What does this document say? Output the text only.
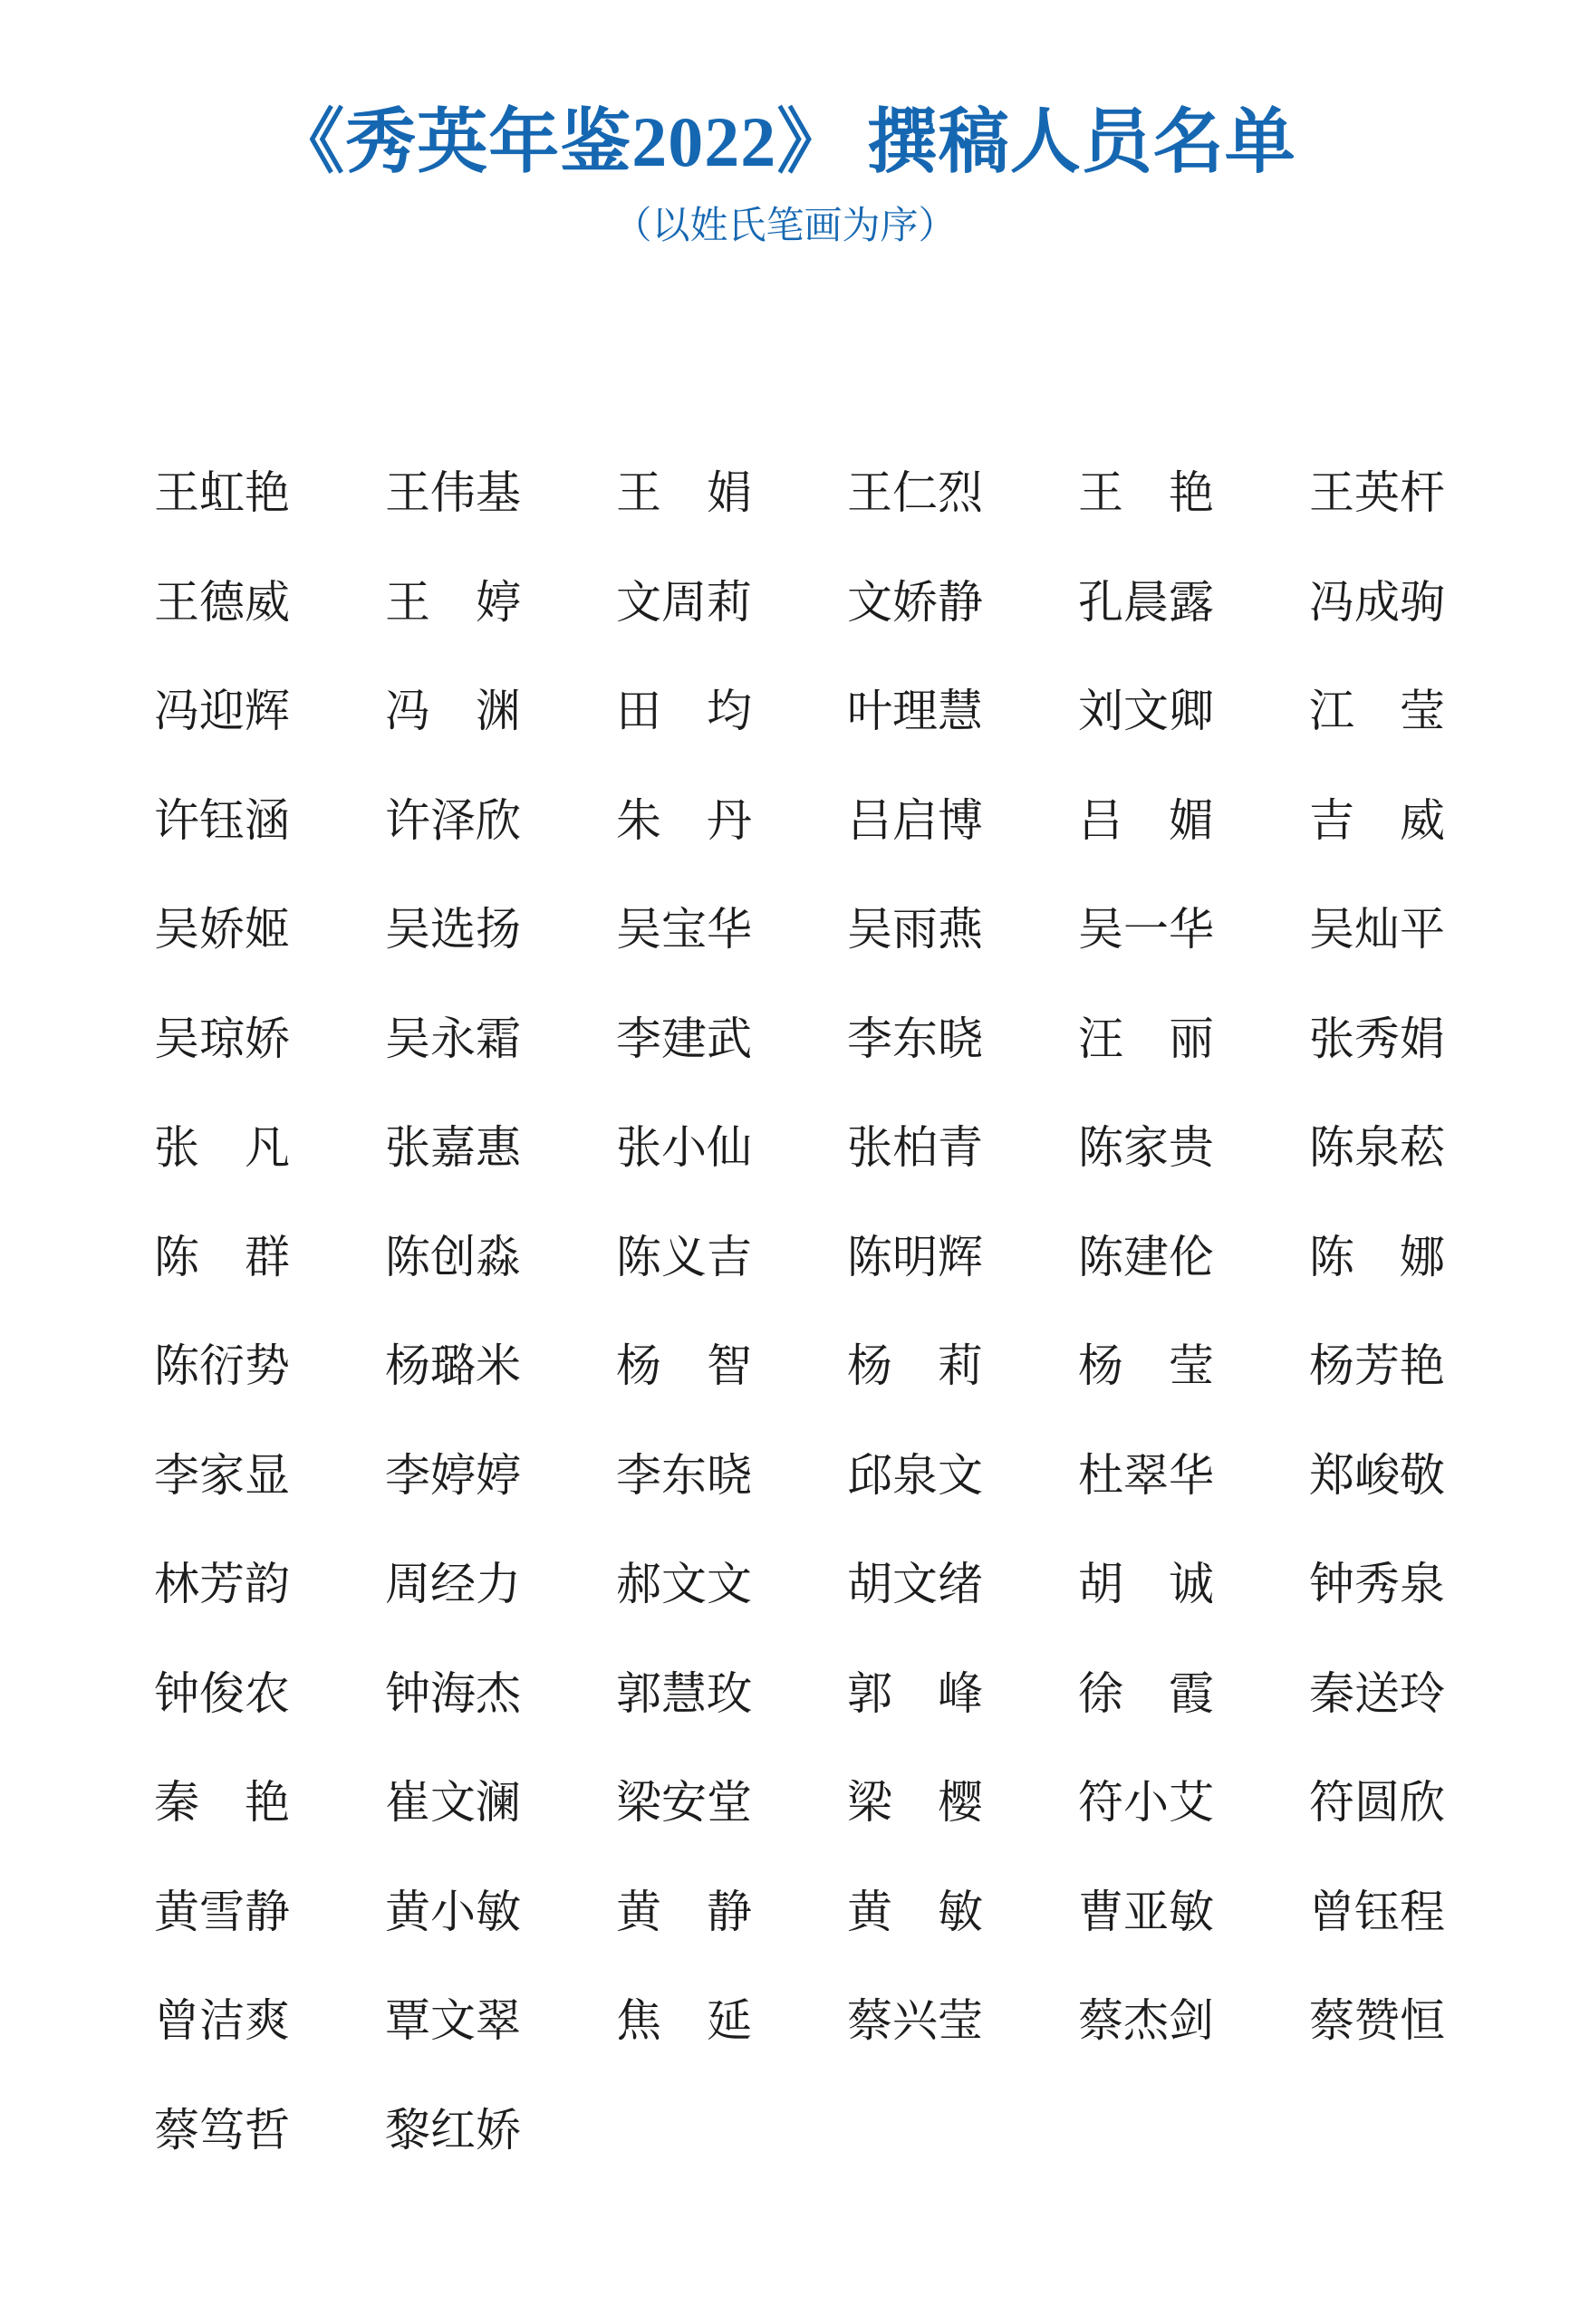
《秀英年鉴2022》 撰稿人员名单
（以姓氏笔画为序）
王虹艳 王伟基 王 娟 王仁烈 王 艳 王英杆
王德威 王 婷 文周莉 文娇静 孔晨露 冯成驹
冯迎辉 冯 渊 田 均 叶理慧 刘文卿 江 莹
许钰涵 许泽欣 朱 丹 吕启博 吕 媚 吉 威
吴娇姬 吴选扬 吴宝华 吴雨燕 吴一华 吴灿平
吴琼娇 吴永霜 李建武 李东晓 汪 丽 张秀娟
张 凡 张嘉惠 张小仙 张柏青 陈家贵 陈泉菘
陈 群 陈创淼 陈义吉 陈明辉 陈建伦 陈 娜
陈衍势 杨璐米 杨 智 杨 莉 杨 莹 杨芳艳
李家显 李婷婷 李东晓 邱泉文 杜翠华 郑峻敬
林芳韵 周经力 郝文文 胡文绪 胡 诚 钟秀泉
钟俊农 钟海杰 郭慧玫 郭 峰 徐 霞 秦送玲
秦 艳 崔文澜 梁安堂 梁 樱 符小艾 符圆欣
黄雪静 黄小敏 黄 静 黄 敏 曹亚敏 曾钰程
曾洁爽 覃文翠 焦 延 蔡兴莹 蔡杰剑 蔡赞恒
蔡笃哲 黎红娇
